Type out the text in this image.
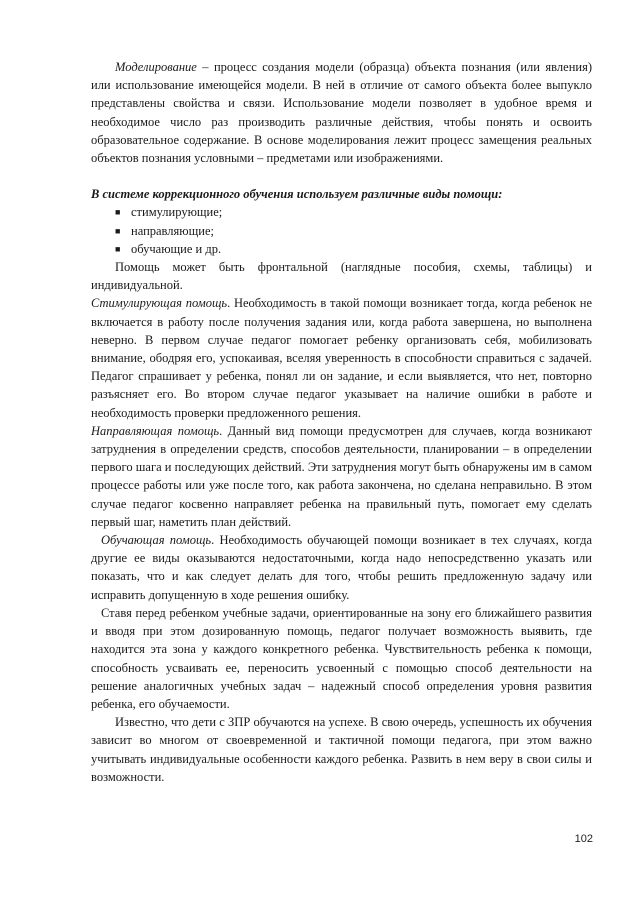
Моделирование – процесс создания модели (образца) объекта познания (или явления) или использование имеющейся модели. В ней в отличие от самого объекта более выпукло представлены свойства и связи. Использование модели позволяет в удобное время и необходимое число раз производить различные действия, чтобы понять и освоить образовательное содержание. В основе моделирования лежит процесс замещения реальных объектов познания условными – предметами или изображениями.

В системе коррекционного обучения используем различные виды помощи:

■ стимулирующие;
■ направляющие;
■ обучающие и др.

Помощь может быть фронтальной (наглядные пособия, схемы, таблицы) и индивидуальной.

Стимулирующая помощь. Необходимость в такой помощи возникает тогда, когда ребенок не включается в работу после получения задания или, когда работа завершена, но выполнена неверно. В первом случае педагог помогает ребенку организовать себя, мобилизовать внимание, ободряя его, успокаивая, вселяя уверенность в способности справиться с задачей. Педагог спрашивает у ребенка, понял ли он задание, и если выявляется, что нет, повторно разъясняет его. Во втором случае педагог указывает на наличие ошибки в работе и необходимость проверки предложенного решения.

Направляющая помощь. Данный вид помощи предусмотрен для случаев, когда возникают затруднения в определении средств, способов деятельности, планировании – в определении первого шага и последующих действий. Эти затруднения могут быть обнаружены им в самом процессе работы или уже после того, как работа закончена, но сделана неправильно. В этом случае педагог косвенно направляет ребенка на правильный путь, помогает ему сделать первый шаг, наметить план действий.

Обучающая помощь. Необходимость обучающей помощи возникает в тех случаях, когда другие ее виды оказываются недостаточными, когда надо непосредственно указать или показать, что и как следует делать для того, чтобы решить предложенную задачу или исправить допущенную в ходе решения ошибку.

Ставя перед ребенком учебные задачи, ориентированные на зону его ближайшего развития и вводя при этом дозированную помощь, педагог получает возможность выявить, где находится эта зона у каждого конкретного ребенка. Чувствительность ребенка к помощи, способность усваивать ее, переносить усвоенный с помощью способ деятельности на решение аналогичных учебных задач – надежный способ определения уровня развития ребенка, его обучаемости.

Известно, что дети с ЗПР обучаются на успехе. В свою очередь, успешность их обучения зависит во многом от своевременной и тактичной помощи педагога, при этом важно учитывать индивидуальные особенности каждого ребенка. Развить в нем веру в свои силы и возможности.

102
